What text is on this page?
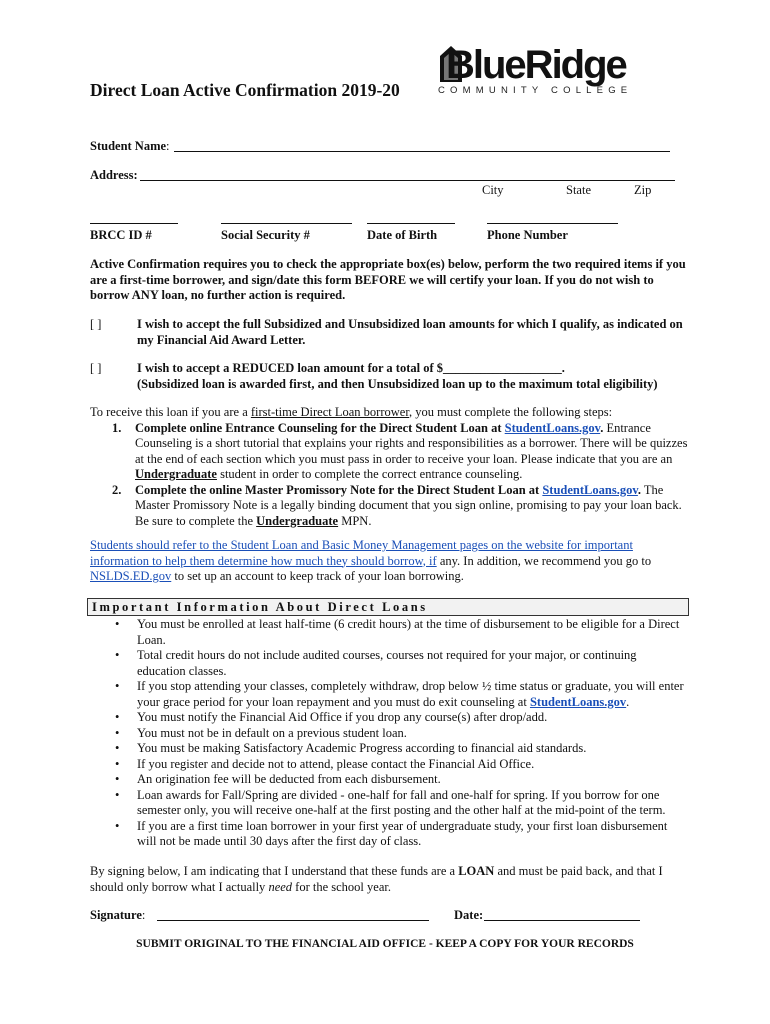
BlueRidge
COMMUNITY COLLEGE
Direct Loan Active Confirmation 2019-20
Student Name:
Address:
City	State	Zip
BRCC ID #	Social Security #	Date of Birth	Phone Number
Active Confirmation requires you to check the appropriate box(es) below, perform the two required items if you are a first-time borrower, and sign/date this form BEFORE we will certify your loan. If you do not wish to borrow ANY loan, no further action is required.
[ ]	I wish to accept the full Subsidized and Unsubsidized loan amounts for which I qualify, as indicated on my Financial Aid Award Letter.
[ ]	I wish to accept a REDUCED loan amount for a total of $___________________.
(Subsidized loan is awarded first, and then Unsubsidized loan up to the maximum total eligibility)

To receive this loan if you are a first-time Direct Loan borrower, you must complete the following steps:

1. Complete online Entrance Counseling for the Direct Student Loan at StudentLoans.gov. Entrance Counseling is a short tutorial that explains your rights and responsibilities as a borrower. There will be quizzes at the end of each section which you must pass in order to receive your loan. Please indicate that you are an Undergraduate student in order to complete the correct entrance counseling.
2. Complete the online Master Promissory Note for the Direct Student Loan at StudentLoans.gov. The Master Promissory Note is a legally binding document that you sign online, promising to pay your loan back. Be sure to complete the Undergraduate MPN.
Students should refer to the Student Loan and Basic Money Management pages on the website for important information to help them determine how much they should borrow, if any. In addition, we recommend you go to NSLDS.ED.gov to set up an account to keep track of your loan borrowing.
Important Information About Direct Loans
• You must be enrolled at least half-time (6 credit hours) at the time of disbursement to be eligible for a Direct Loan.
• Total credit hours do not include audited courses, courses not required for your major, or continuing education classes.
• If you stop attending your classes, completely withdraw, drop below ½ time status or graduate, you will enter your grace period for your loan repayment and you must do exit counseling at StudentLoans.gov.
• You must notify the Financial Aid Office if you drop any course(s) after drop/add.
• You must not be in default on a previous student loan.
• You must be making Satisfactory Academic Progress according to financial aid standards.
• If you register and decide not to attend, please contact the Financial Aid Office.
• An origination fee will be deducted from each disbursement.
• Loan awards for Fall/Spring are divided - one-half for fall and one-half for spring. If you borrow for one semester only, you will receive one-half at the first posting and the other half at the mid-point of the term.
• If you are a first time loan borrower in your first year of undergraduate study, your first loan disbursement will not be made until 30 days after the first day of class.
By signing below, I am indicating that I understand that these funds are a LOAN and must be paid back, and that I should only borrow what I actually need for the school year.
Signature:	Date:
SUBMIT ORIGINAL TO THE FINANCIAL AID OFFICE - KEEP A COPY FOR YOUR RECORDS
